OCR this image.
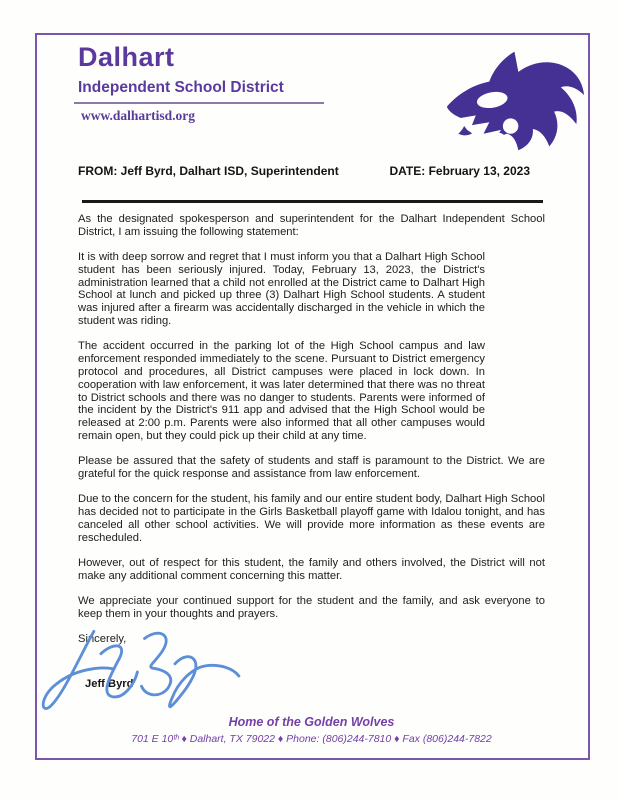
Dalhart
Independent School District
www.dalhartisd.org
FROM: Jeff Byrd, Dalhart ISD, Superintendent	DATE: February 13, 2023

As the designated spokesperson and superintendent for the Dalhart Independent School District, I am issuing the following statement:

It is with deep sorrow and regret that I must inform you that a Dalhart High School student has been seriously injured. Today, February 13, 2023, the District's administration learned that a child not enrolled at the District came to Dalhart High School at lunch and picked up three (3) Dalhart High School students. A student was injured after a firearm was accidentally discharged in the vehicle in which the student was riding.

The accident occurred in the parking lot of the High School campus and law enforcement responded immediately to the scene. Pursuant to District emergency protocol and procedures, all District campuses were placed in lock down. In cooperation with law enforcement, it was later determined that there was no threat to District schools and there was no danger to students. Parents were informed of the incident by the District's 911 app and advised that the High School would be released at 2:00 p.m. Parents were also informed that all other campuses would remain open, but they could pick up their child at any time.

Please be assured that the safety of students and staff is paramount to the District. We are grateful for the quick response and assistance from law enforcement.

Due to the concern for the student, his family and our entire student body, Dalhart High School has decided not to participate in the Girls Basketball playoff game with Idalou tonight, and has canceled all other school activities. We will provide more information as these events are rescheduled.

However, out of respect for this student, the family and others involved, the District will not make any additional comment concerning this matter.

We appreciate your continued support for the student and the family, and ask everyone to keep them in your thoughts and prayers.

Sincerely,

Jeff Byrd
Home of the Golden Wolves
701 E 10ᵗʰ ♦ Dalhart, TX 79022 ♦ Phone: (806)244-7810 ♦ Fax (806)244-7822
